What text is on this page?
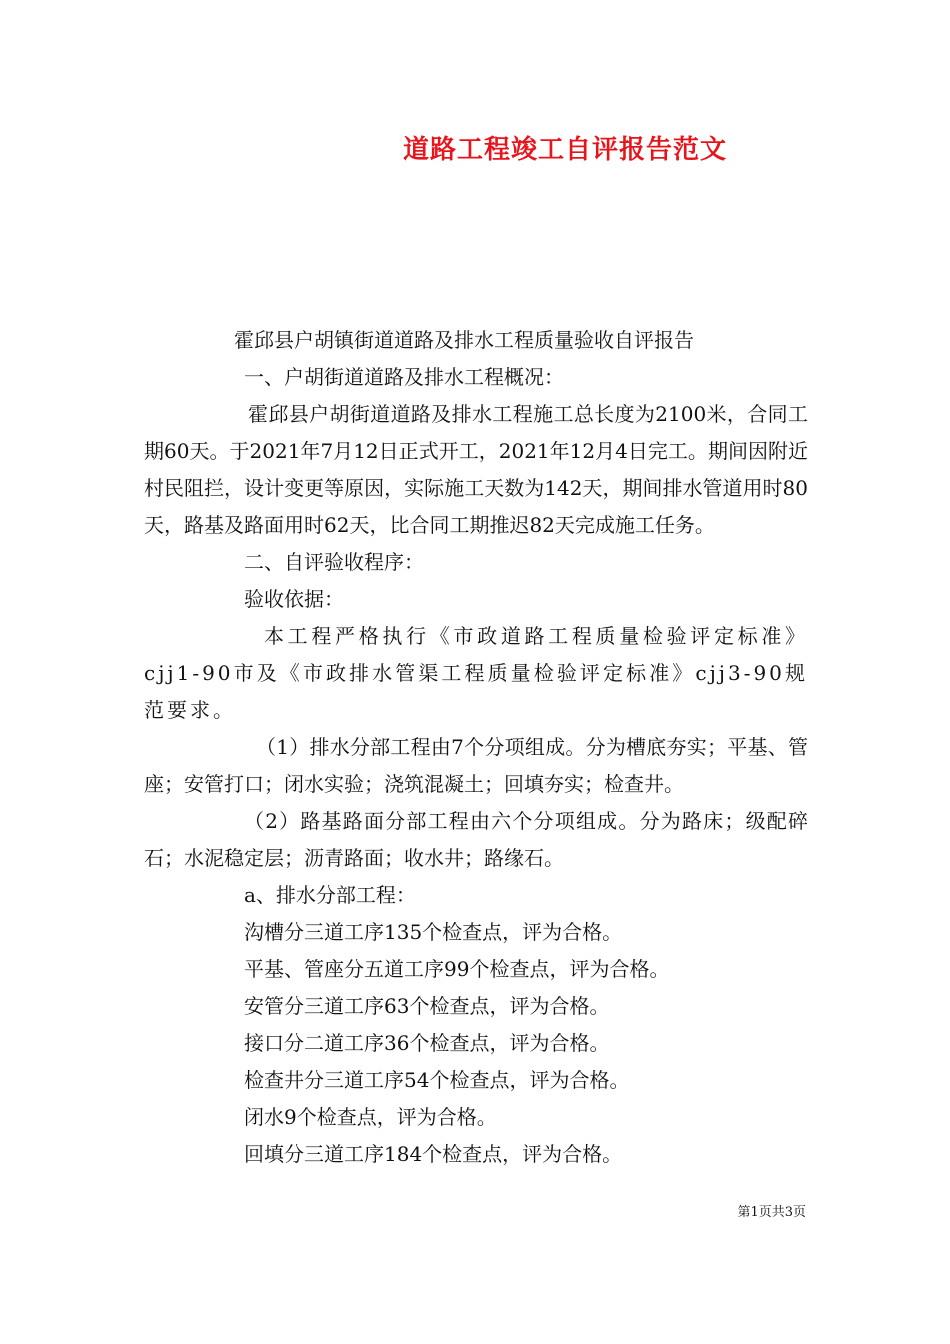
道路工程竣工自评报告范文

霍邱县户胡镇街道道路及排水工程质量验收自评报告

一、户胡街道道路及排水工程概况：

霍邱县户胡街道道路及排水工程施工总长度为2100米，合同工期60天。于2021年7月12日正式开工，2021年12月4日完工。期间因附近村民阻拦，设计变更等原因，实际施工天数为142天，期间排水管道用时80天，路基及路面用时62天，比合同工期推迟82天完成施工任务。

二、自评验收程序：

验收依据：

本工程严格执行《市政道路工程质量检验评定标准》cjj1-90市及《市政排水管渠工程质量检验评定标准》cjj3-90规范要求。

（1）排水分部工程由7个分项组成。分为槽底夯实；平基、管座；安管打口；闭水实验；浇筑混凝土；回填夯实；检查井。

（2）路基路面分部工程由六个分项组成。分为路床；级配碎石；水泥稳定层；沥青路面；收水井；路缘石。

a、排水分部工程：

沟槽分三道工序135个检查点，评为合格。

平基、管座分五道工序99个检查点，评为合格。

安管分三道工序63个检查点，评为合格。

接口分二道工序36个检查点，评为合格。

检查井分三道工序54个检查点，评为合格。

闭水9个检查点，评为合格。

回填分三道工序184个检查点，评为合格。

第1页共3页
